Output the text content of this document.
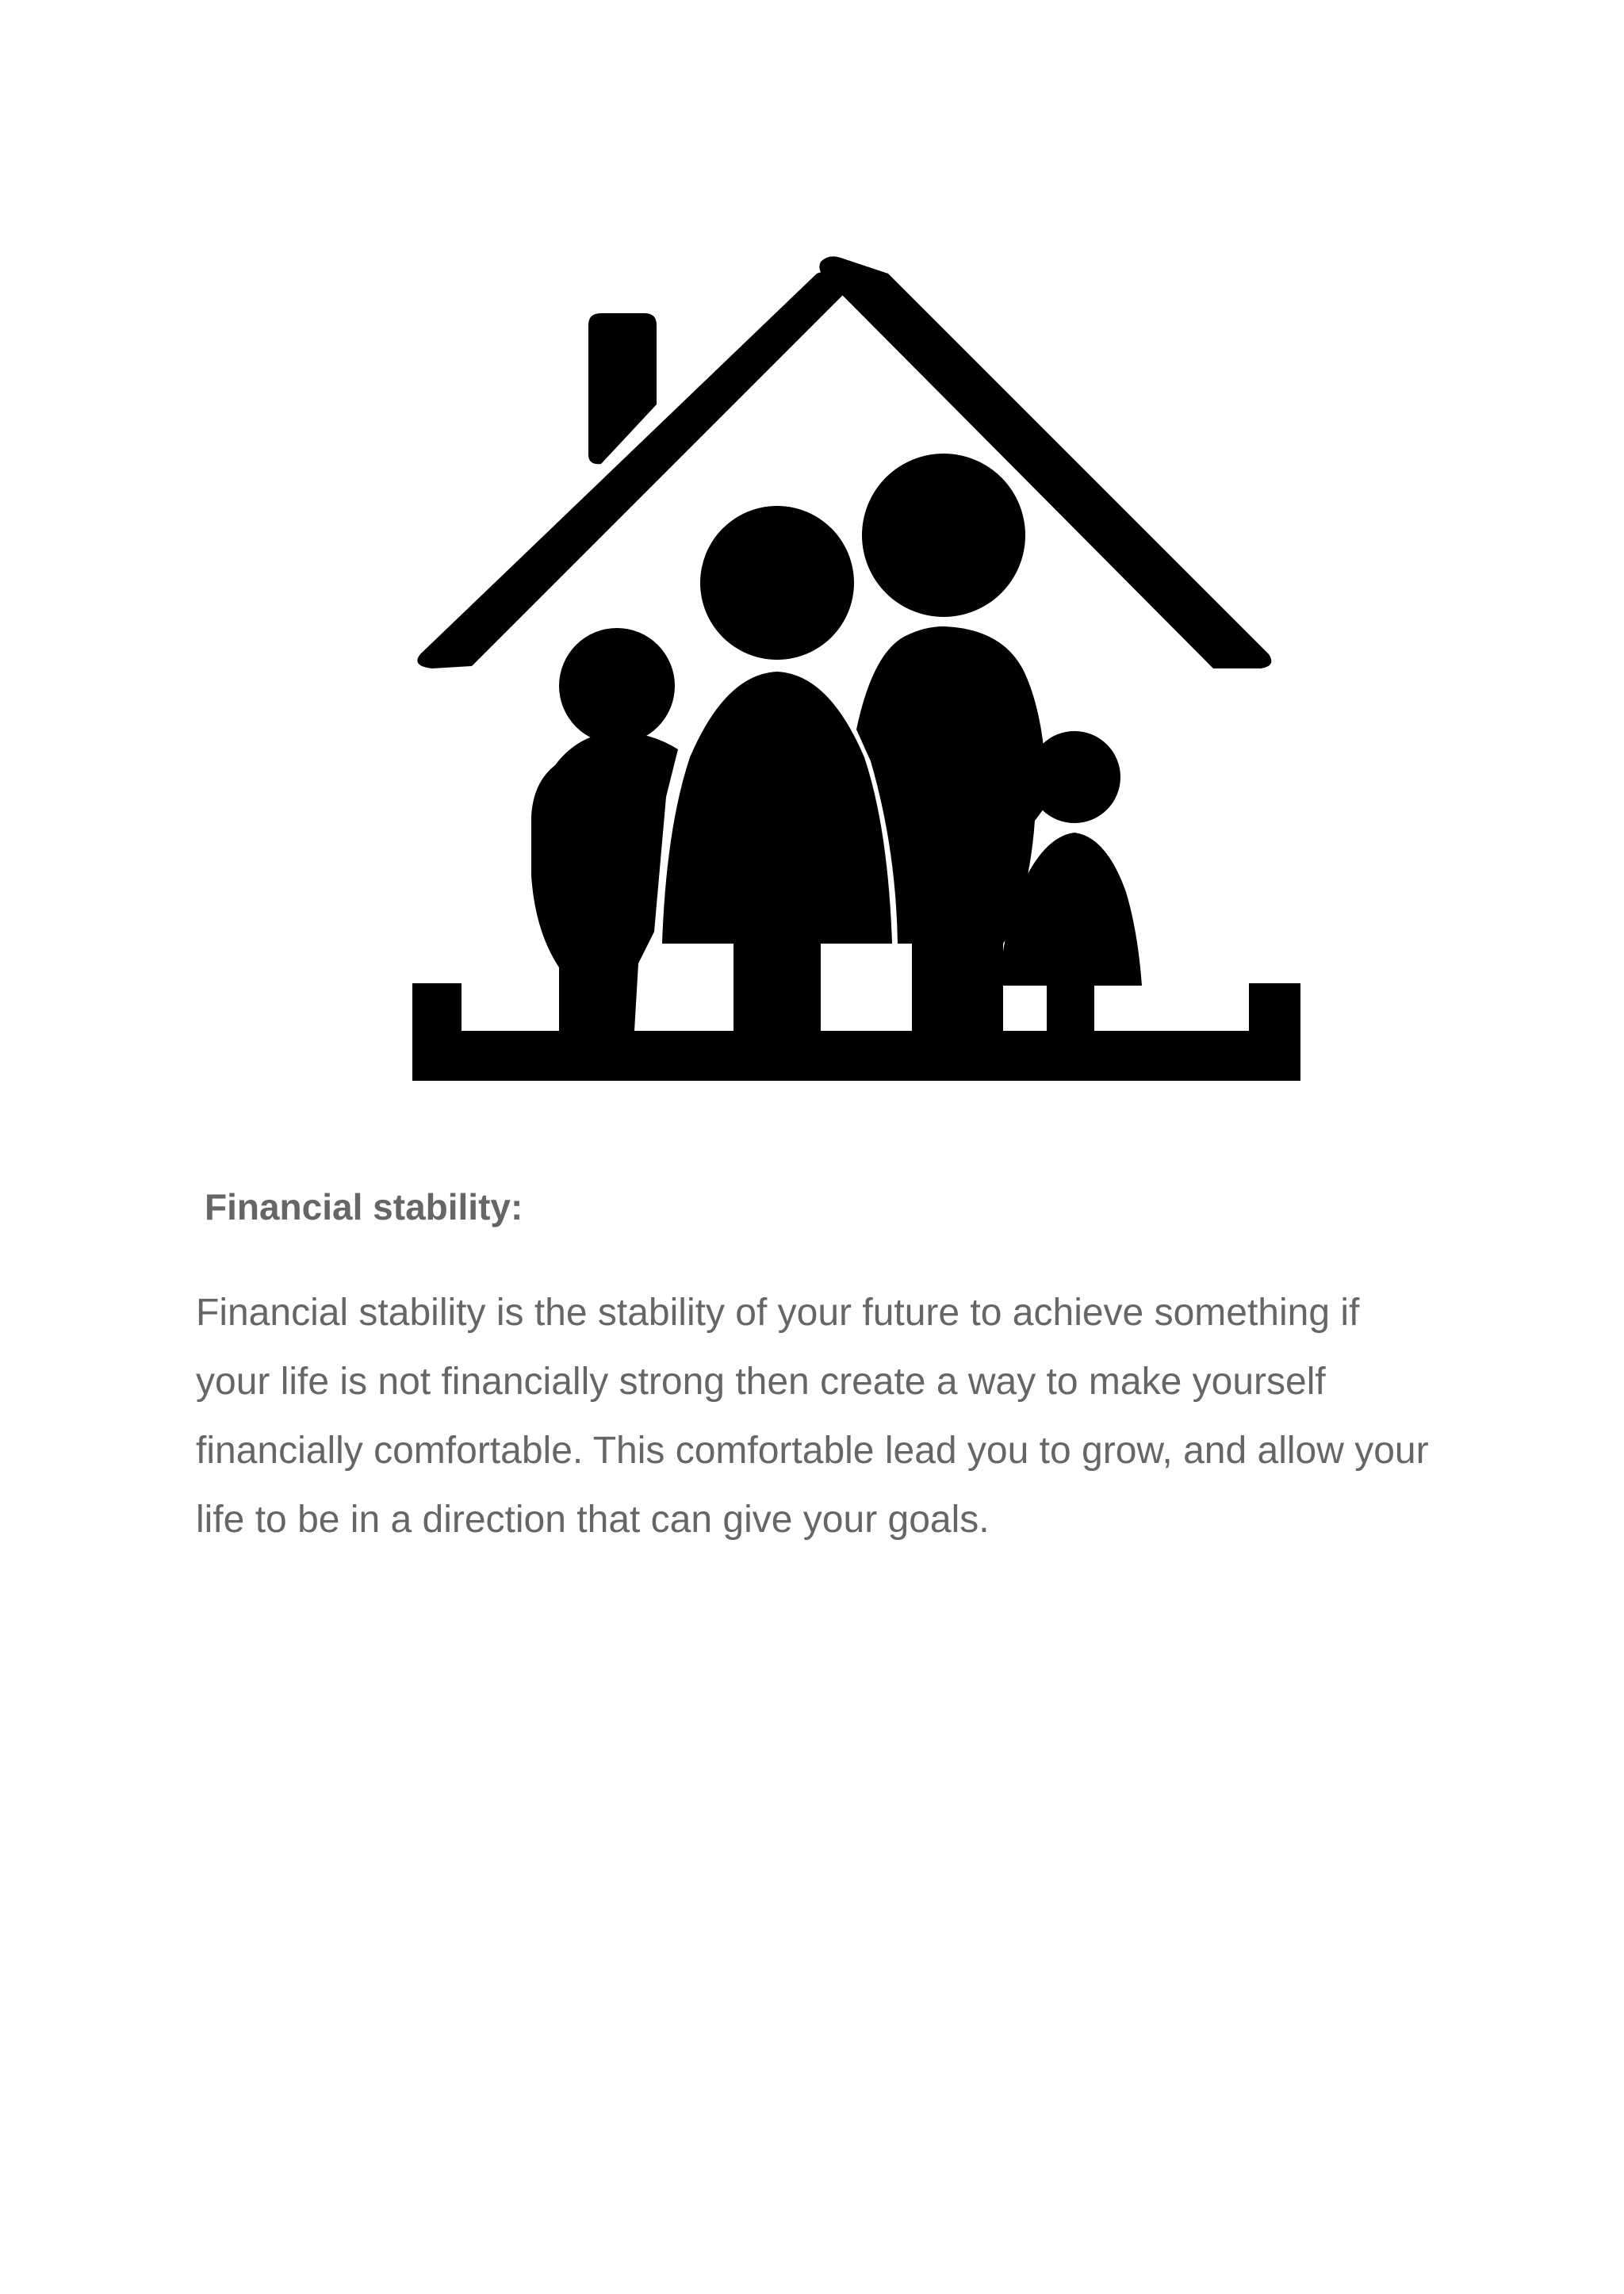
Financial stability:

Financial stability is the stability of your future to achieve something if your life is not financially strong then create a way to make yourself financially comfortable. This comfortable lead you to grow, and allow your life to be in a direction that can give your goals.
